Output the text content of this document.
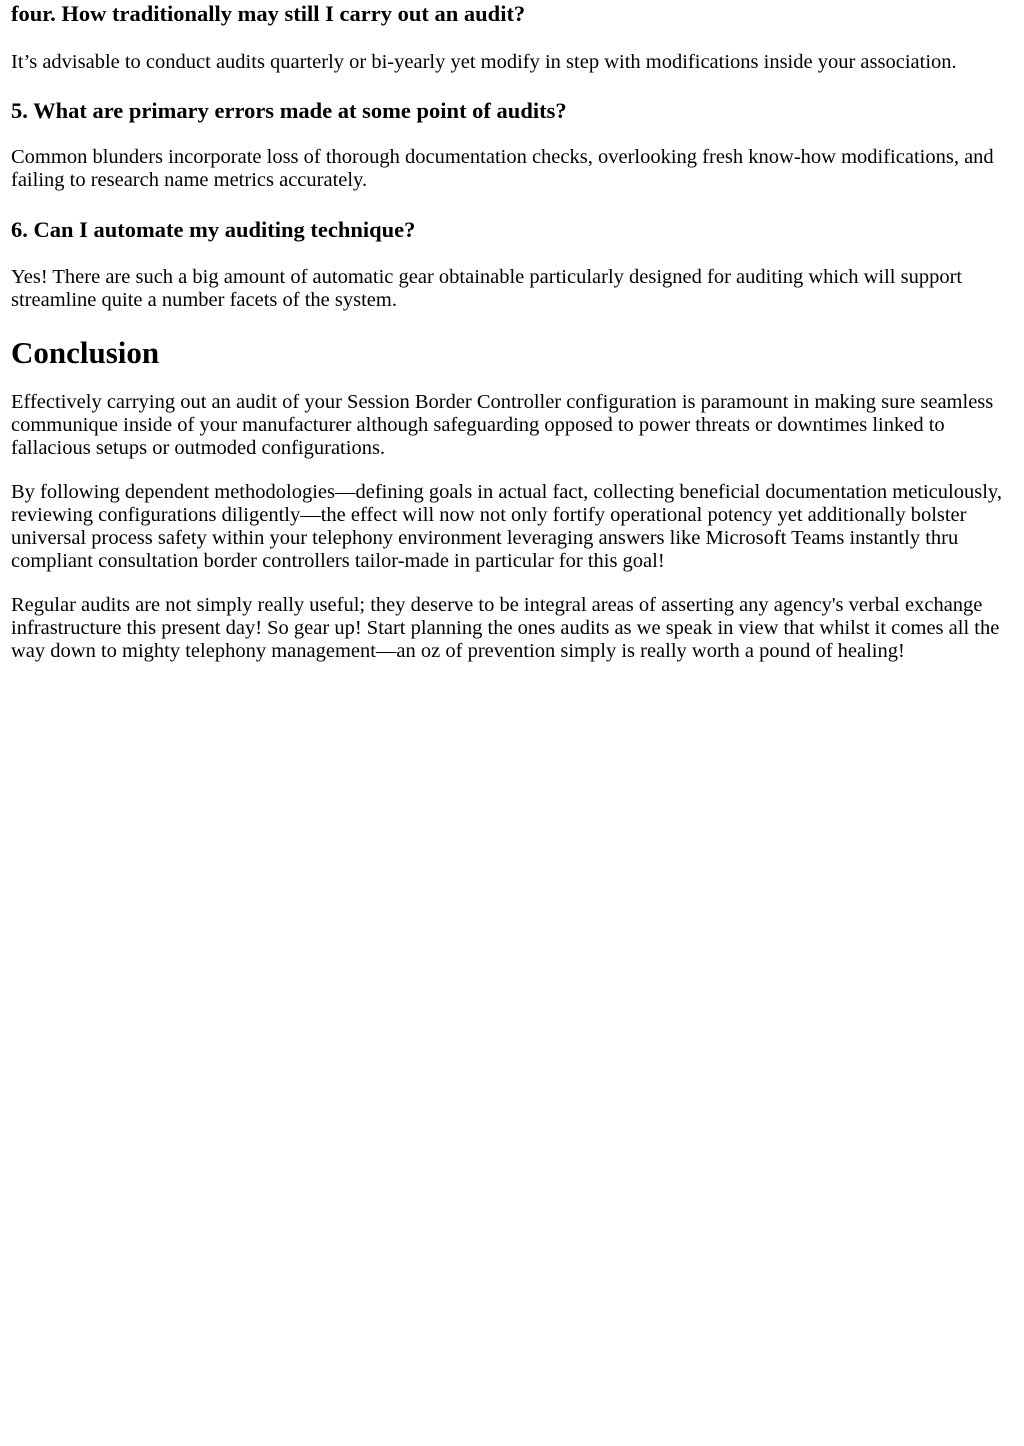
four. How traditionally may still I carry out an audit?

It’s advisable to conduct audits quarterly or bi-yearly yet modify in step with modifications inside your association.

5. What are primary errors made at some point of audits?

Common blunders incorporate loss of thorough documentation checks, overlooking fresh know-how modifications, and failing to research name metrics accurately.

6. Can I automate my auditing technique?

Yes! There are such a big amount of automatic gear obtainable particularly designed for auditing which will support streamline quite a number facets of the system.

Conclusion

Effectively carrying out an audit of your Session Border Controller configuration is paramount in making sure seamless communique inside of your manufacturer although safeguarding opposed to power threats or downtimes linked to fallacious setups or outmoded configurations.

By following dependent methodologies—defining goals in actual fact, collecting beneficial documentation meticulously, reviewing configurations diligently—the effect will now not only fortify operational potency yet additionally bolster universal process safety within your telephony environment leveraging answers like Microsoft Teams instantly thru compliant consultation border controllers tailor-made in particular for this goal!

Regular audits are not simply really useful; they deserve to be integral areas of asserting any agency's verbal exchange infrastructure this present day! So gear up! Start planning the ones audits as we speak in view that whilst it comes all the way down to mighty telephony management—an oz of prevention simply is really worth a pound of healing!
